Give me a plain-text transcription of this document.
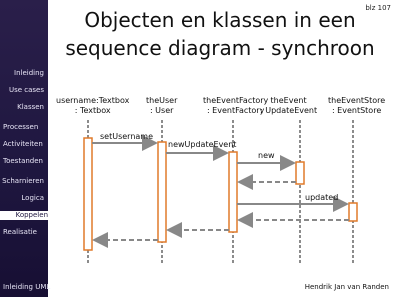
Inleiding
Use cases
Klassen
Processen
Activiteiten
Toestanden
Scharnieren
Logica
Koppelen
Realisatie
Inleiding UML
Objecten en klassen in een
sequence diagram - synchroon
blz 107
username:Textbox
: Textbox
theUser
: User
theEventFactory
: EventFactory
theEvent
: UpdateEvent
theEventStore
: EventStore
setUsername
newUpdateEvent
new
updated
Hendrik Jan van Randen
